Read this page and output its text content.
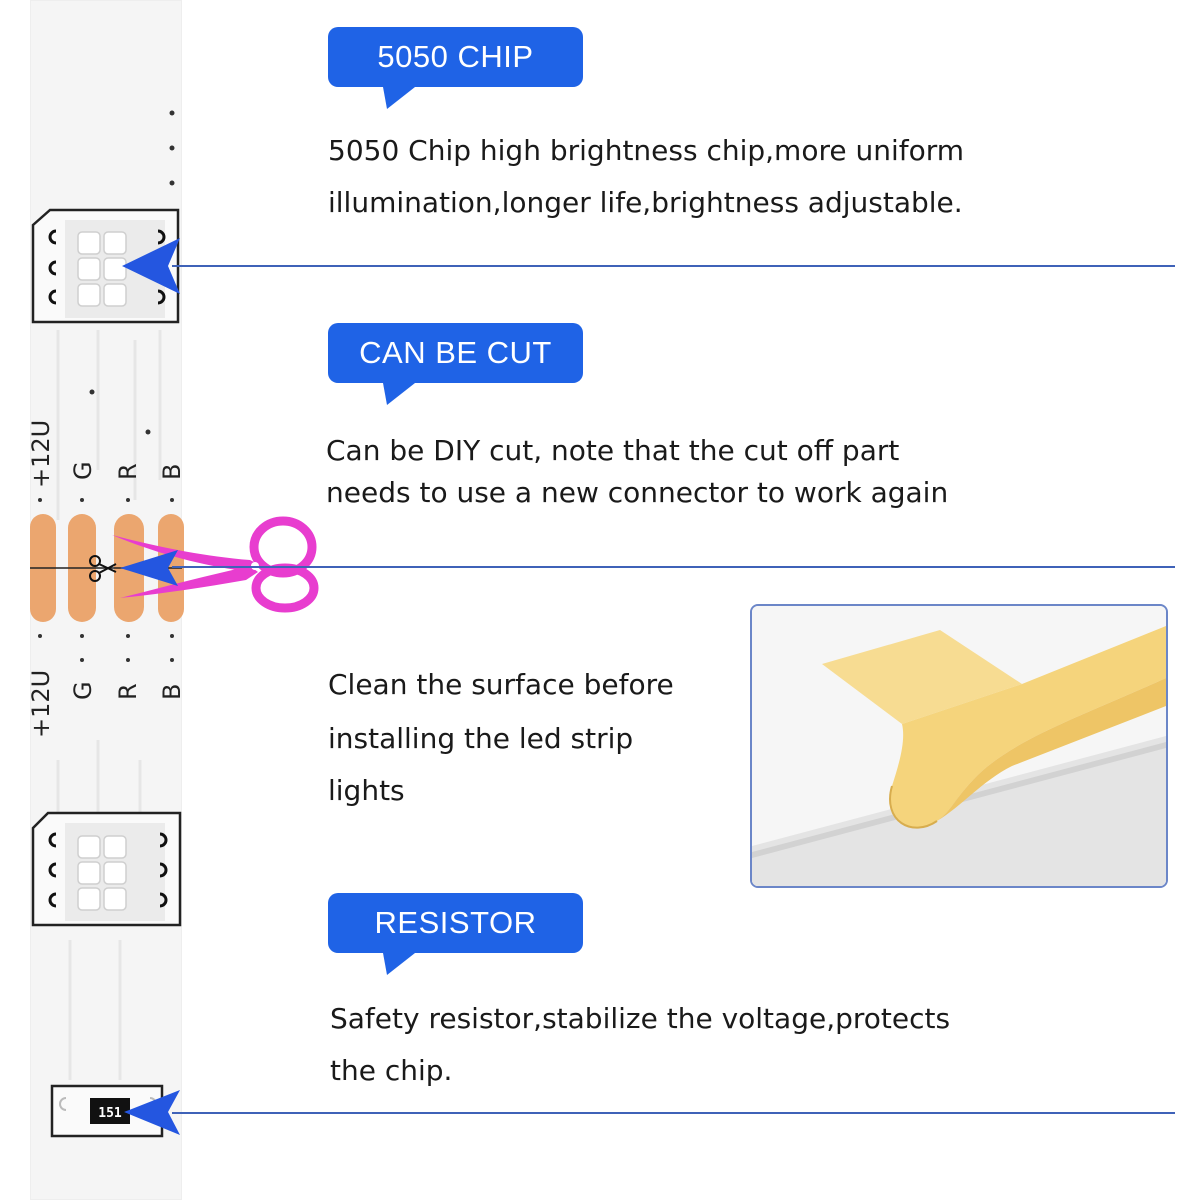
+12U G R B
+12U G R B
151
5050 CHIP
5050 Chip high brightness chip,more uniform
illumination,longer life,brightness adjustable.
CAN BE CUT
Can be DIY cut, note that the cut off part
needs to use a new connector to work again
Clean the surface before
installing the led strip
lights
RESISTOR
Safety resistor,stabilize the voltage,protects
the chip.
